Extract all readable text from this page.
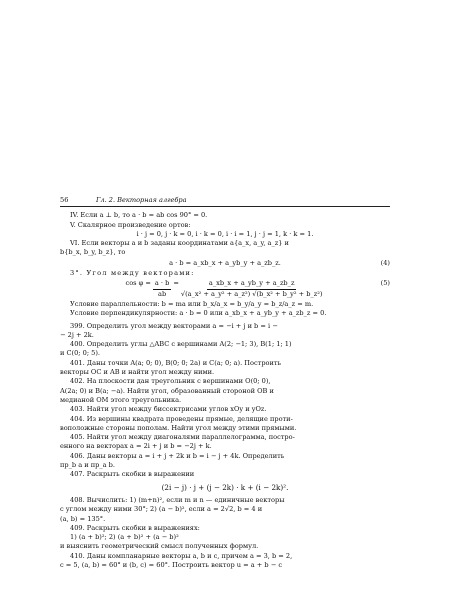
56	Гл. 2. Векторная алгебра
IV. Если a ⊥ b, то a · b = ab cos 90° = 0.
V. Скалярное произведение ортов:
i · j = 0, j · k = 0, i · k = 0, i · i = 1, j · j = 1, k · k = 1.
VI. Если векторы a и b заданы координатами a{a_x, a_y, a_z} и
b{b_x, b_y, b_z}, то
a · b = a_xb_x + a_yb_y + a_zb_z.	(4)
3°. Угол между векторами:
$\cos \varphi = \frac{a \cdot b}{ab} = \frac{a\_xb\_x + a\_yb\_y + a\_zb\_z}{\text{√(a\_x² + a\_y² + a\_z²) √(b\_x² + b\_y² + b\_z²)}}$	(5)
Условие параллельности: b = ma или b_x/a_x = b_y/a_y = b_z/a_z = m.
Условие перпендикулярности: a · b = 0 или a_xb_x + a_yb_y + a_zb_z = 0.
399. Определить угол между векторами a = −i + j и b = i −
− 2j + 2k.
400. Определить углы △ABC с вершинами A(2; −1; 3), B(1; 1; 1)
и C(0; 0; 5).
401. Даны точки A(a; 0; 0), B(0; 0; 2a) и C(a; 0; a). Построить
векторы OC и AB и найти угол между ними.
402. На плоскости дан треугольник с вершинами O(0; 0),
A(2a; 0) и B(a; −a). Найти угол, образованный стороной OB и
медианой OM этого треугольника.
403. Найти угол между биссектрисами углов xOy и yOz.
404. Из вершины квадрата проведены прямые, делящие проти-
воположные стороны пополам. Найти угол между этими прямыми.
405. Найти угол между диагоналями параллелограмма, постро-
енного на векторах a = 2i + j и b = −2j + k.
406. Даны векторы a = i + j + 2k и b = i − j + 4k. Определить
пр_b a и пр_a b.
407. Раскрыть скобки в выражении
(2i − j) · j + (j − 2k) · k + (i − 2k)².
408. Вычислить: 1) (m+n)², если m и n — единичные векторы
с углом между ними 30°; 2) (a − b)², если a = 2√2, b = 4 и
(a, b) = 135°.
409. Раскрыть скобки в выражениях:
1) (a + b)²; 2) (a + b)² + (a − b)²
и выяснить геометрический смысл полученных формул.
410. Даны компланарные векторы a, b и c, причем a = 3, b = 2,
c = 5, (a, b) = 60° и (b, c) = 60°. Построить вектор u = a + b − c
